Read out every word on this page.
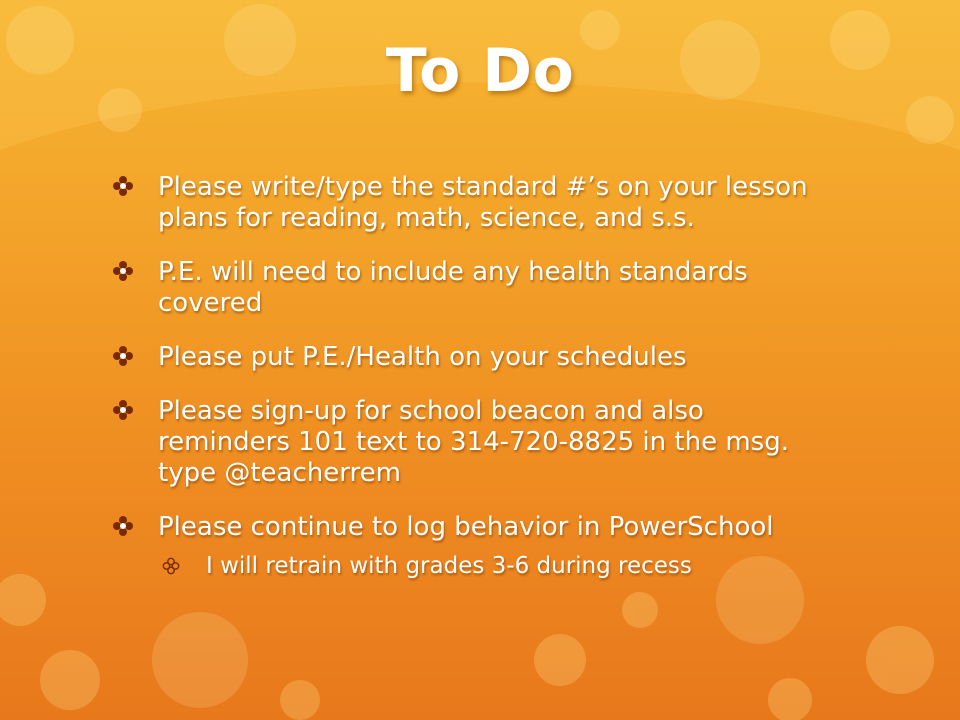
To Do
Please write/type the standard #’s on your lesson plans for reading, math, science, and s.s.
P.E. will need to include any health standards covered
Please put P.E./Health on your schedules
Please sign-up for school beacon and also reminders 101 text to 314-720-8825 in the msg. type @teacherrem
Please continue to log behavior in PowerSchool
I will retrain with grades 3-6 during recess
